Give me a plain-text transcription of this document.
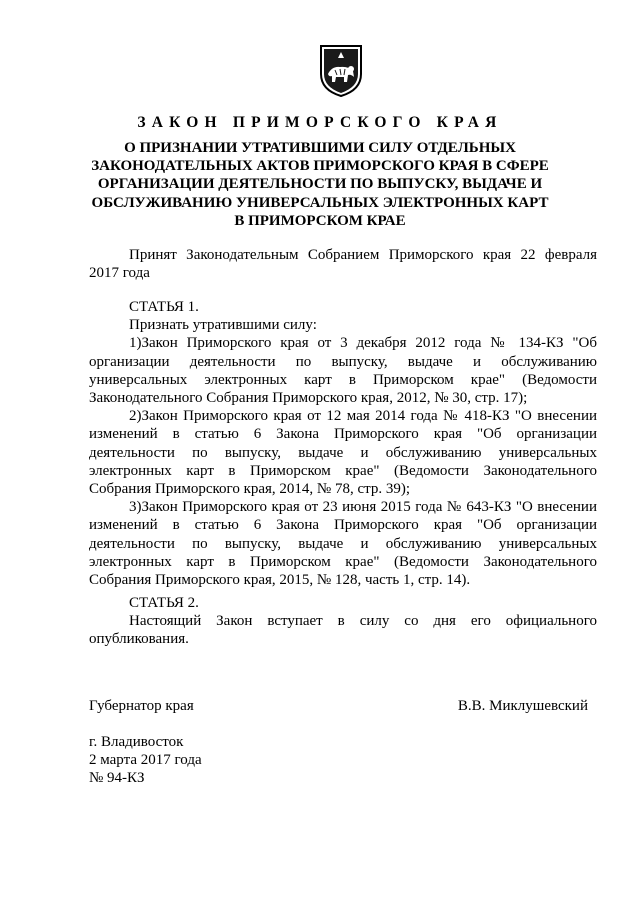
ЗАКОН ПРИМОРСКОГО КРАЯ
О ПРИЗНАНИИ УТРАТИВШИМИ СИЛУ ОТДЕЛЬНЫХ
ЗАКОНОДАТЕЛЬНЫХ АКТОВ ПРИМОРСКОГО КРАЯ В СФЕРЕ
ОРГАНИЗАЦИИ ДЕЯТЕЛЬНОСТИ ПО ВЫПУСКУ, ВЫДАЧЕ И
ОБСЛУЖИВАНИЮ УНИВЕРСАЛЬНЫХ ЭЛЕКТРОННЫХ КАРТ
В ПРИМОРСКОМ КРАЕ

Принят Законодательным Собранием Приморского края 22 февраля 2017 года

СТАТЬЯ 1.

Признать утратившими силу:

1)Закон Приморского края от 3 декабря 2012 года № 134-КЗ "Об организации деятельности по выпуску, выдаче и обслуживанию универсальных электронных карт в Приморском крае" (Ведомости Законодательного Собрания Приморского края, 2012, № 30, стр. 17);

2)Закон Приморского края от 12 мая 2014 года № 418-КЗ "О внесении изменений в статью 6 Закона Приморского края "Об организации деятельности по выпуску, выдаче и обслуживанию универсальных электронных карт в Приморском крае" (Ведомости Законодательного Собрания Приморского края, 2014, № 78, стр. 39);

3)Закон Приморского края от 23 июня 2015 года № 643-КЗ "О внесении изменений в статью 6 Закона Приморского края "Об организации деятельности по выпуску, выдаче и обслуживанию универсальных электронных карт в Приморском крае" (Ведомости Законодательного Собрания Приморского края, 2015, № 128, часть 1, стр. 14).

СТАТЬЯ 2.

Настоящий Закон вступает в силу со дня его официального опубликования.

Губернатор края	В.В. Миклушевский
г. Владивосток
2 марта 2017 года
№ 94-КЗ
